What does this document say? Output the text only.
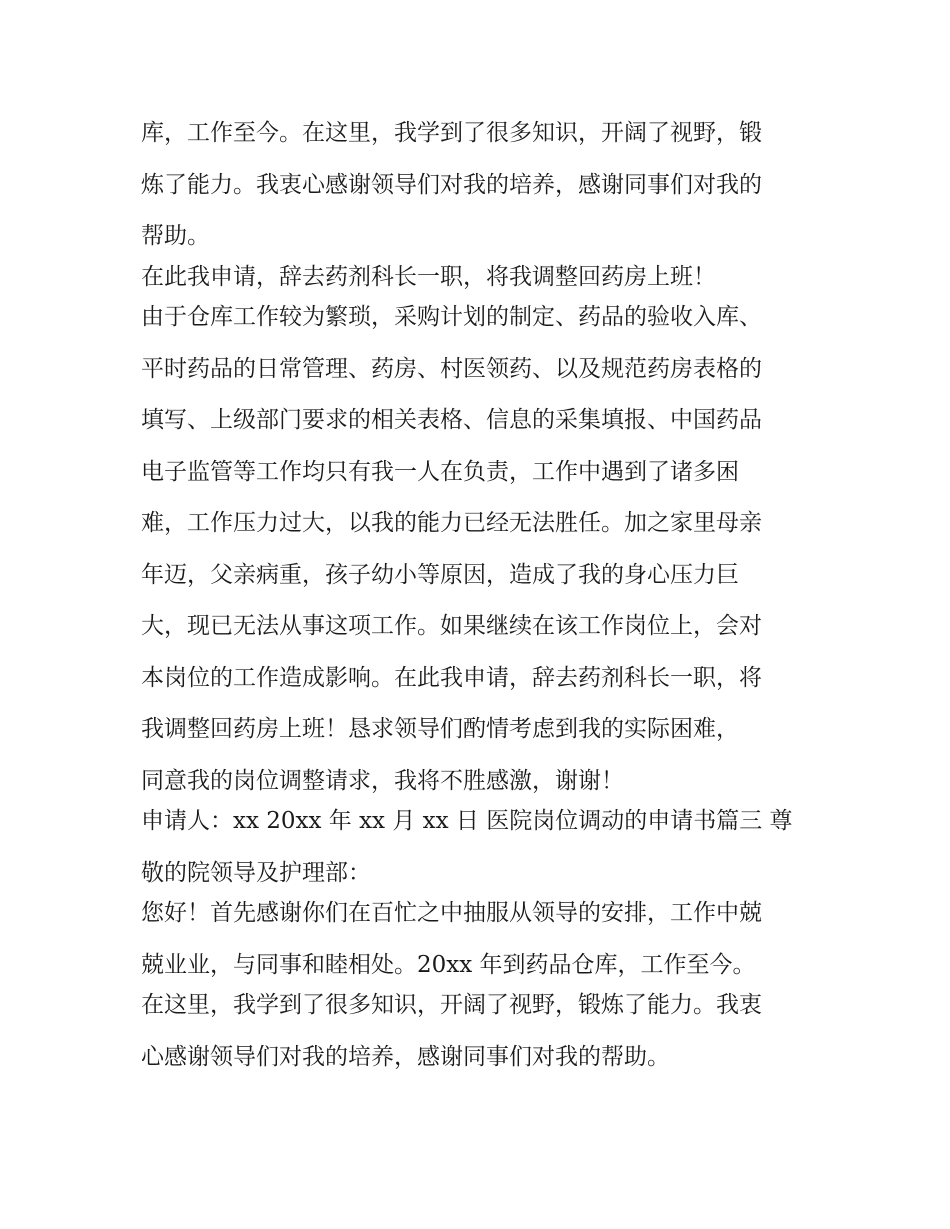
库，工作至今。在这里，我学到了很多知识，开阔了视野，锻
炼了能力。我衷心感谢领导们对我的培养，感谢同事们对我的
帮助。
在此我申请，辞去药剂科长一职，将我调整回药房上班！
由于仓库工作较为繁琐，采购计划的制定、药品的验收入库、
平时药品的日常管理、药房、村医领药、以及规范药房表格的
填写、上级部门要求的相关表格、信息的采集填报、中国药品
电子监管等工作均只有我一人在负责，工作中遇到了诸多困
难，工作压力过大，以我的能力已经无法胜任。加之家里母亲
年迈，父亲病重，孩子幼小等原因，造成了我的身心压力巨
大，现已无法从事这项工作。如果继续在该工作岗位上，会对
本岗位的工作造成影响。在此我申请，辞去药剂科长一职，将
我调整回药房上班！恳求领导们酌情考虑到我的实际困难，
同意我的岗位调整请求，我将不胜感激，谢谢！
申请人：xx 20xx 年 xx 月 xx 日 医院岗位调动的申请书篇三 尊
敬的院领导及护理部：
您好！首先感谢你们在百忙之中抽服从领导的安排，工作中兢
兢业业，与同事和睦相处。20xx 年到药品仓库，工作至今。
在这里，我学到了很多知识，开阔了视野，锻炼了能力。我衷
心感谢领导们对我的培养，感谢同事们对我的帮助。
